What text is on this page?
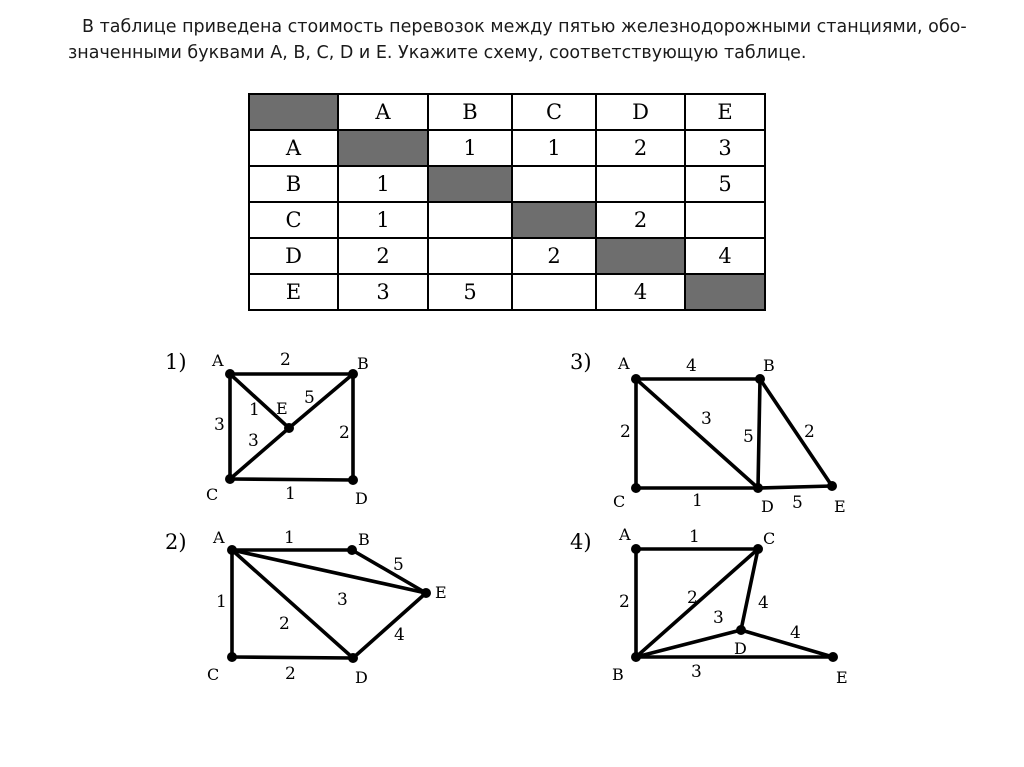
В таблице приведена стоимость перевозок между пятью железнодорожными станциями, обо-

значенными буквами A, B, C, D и E. Укажите схему, соответствующую таблице.

	A	B	C	D	E
A		1	1	2	3
B	1				5
C	1			2	
D	2		2		4
E	3	5		4	
1) A	B
C	D
E
2
3
1
5
2
3
1
2) A	B
C	D
E
1
1
2
3
5
2
4
3) A	B
C	D	E
4
2
3
5	2
1	5
4) A
B
C
D
E
1
2	2
3
4
4
3
